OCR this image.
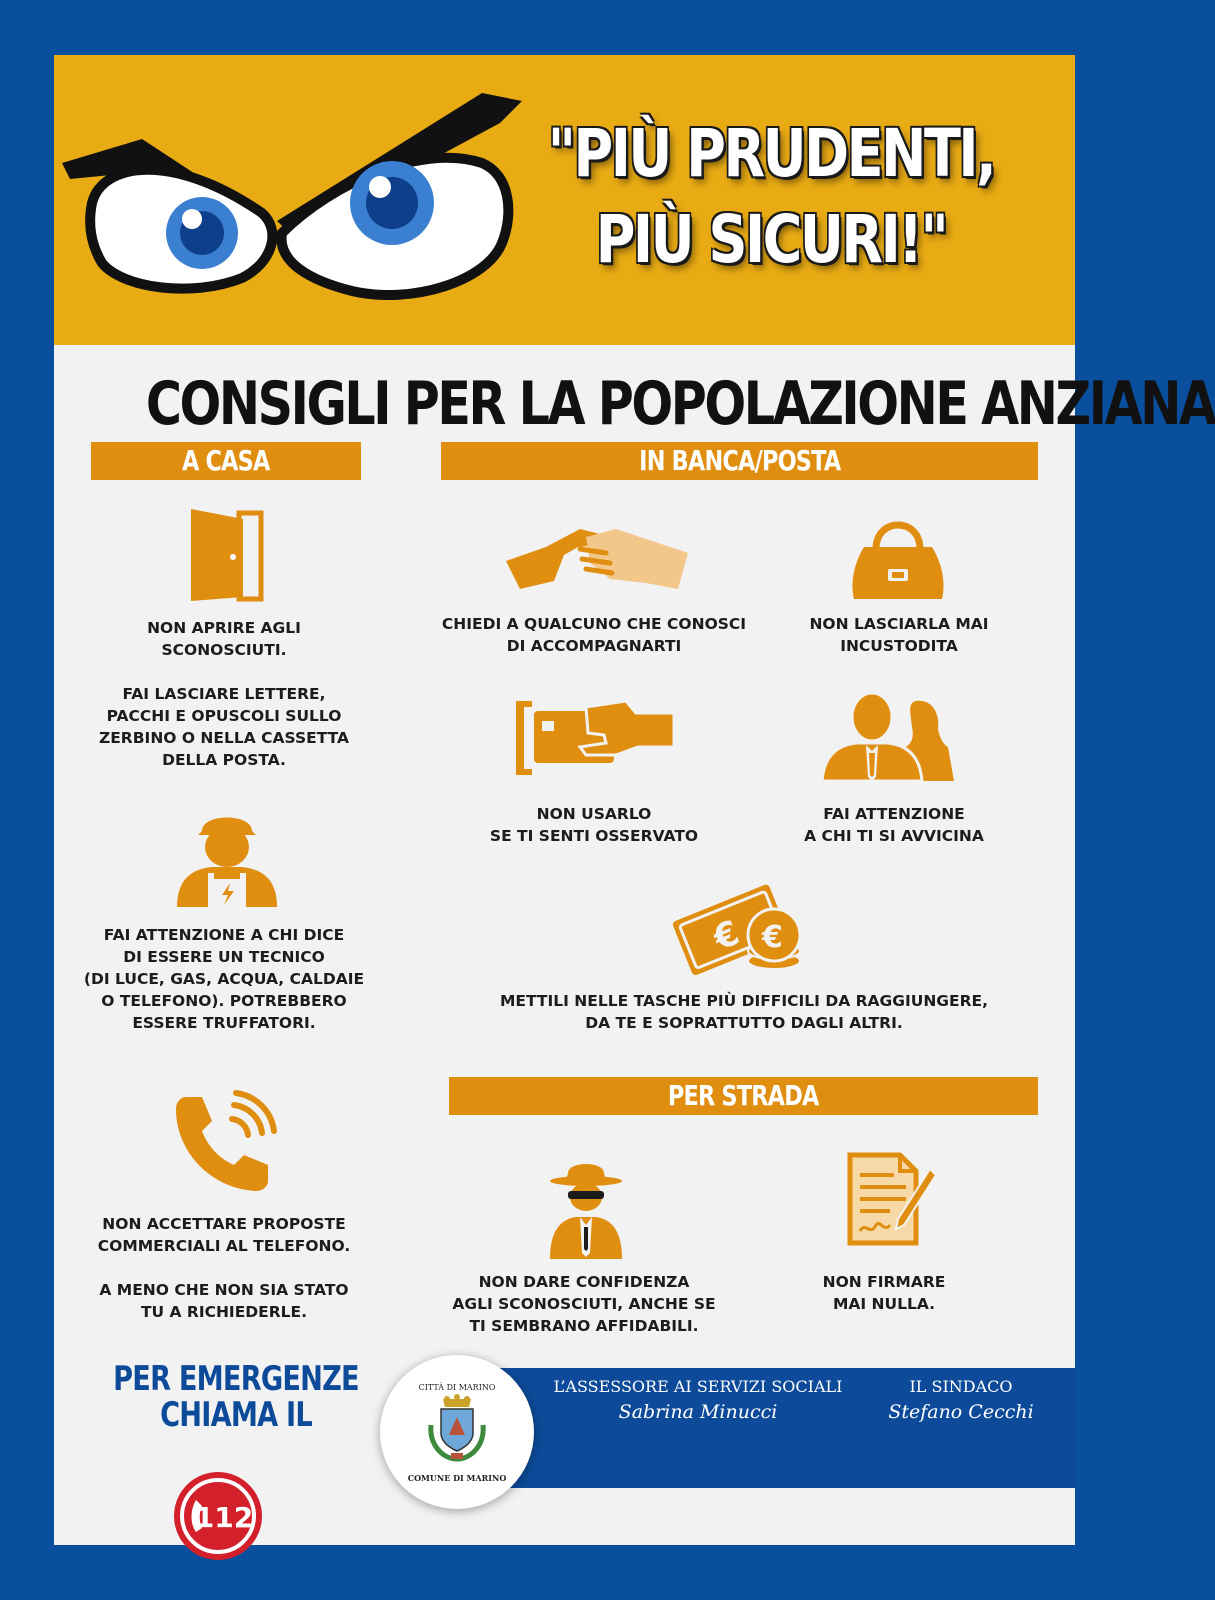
"PIÙ PRUDENTI,
PIÙ SICURI!"
CONSIGLI PER LA POPOLAZIONE ANZIANA
A CASA	IN BANCA/POSTA
PER STRADA
NON APRIRE AGLI
SCONOSCIUTI.

FAI LASCIARE LETTERE,
PACCHI E OPUSCOLI SULLO
ZERBINO O NELLA CASSETTA
DELLA POSTA.
FAI ATTENZIONE A CHI DICE
DI ESSERE UN TECNICO
(DI LUCE, GAS, ACQUA, CALDAIE
O TELEFONO). POTREBBERO
ESSERE TRUFFATORI.
NON ACCETTARE PROPOSTE
COMMERCIALI AL TELEFONO.

A MENO CHE NON SIA STATO
TU A RICHIEDERLE.
CHIEDI A QUALCUNO CHE CONOSCI
DI ACCOMPAGNARTI
NON LASCIARLA MAI
INCUSTODITA
NON USARLO
SE TI SENTI OSSERVATO
FAI ATTENZIONE
A CHI TI SI AVVICINA
€ €
METTILI NELLE TASCHE PIÙ DIFFICILI DA RAGGIUNGERE,
DA TE E SOPRATTUTTO DAGLI ALTRI.
NON DARE CONFIDENZA
AGLI SCONOSCIUTI, ANCHE SE
TI SEMBRANO AFFIDABILI.
NON FIRMARE
MAI NULLA.
PER EMERGENZE
CHIAMA IL
112
CITTÀ DI MARINO
COMUNE DI MARINO
L’ASSESSORE AI SERVIZI SOCIALI
Sabrina Minucci
IL SINDACO
Stefano Cecchi
